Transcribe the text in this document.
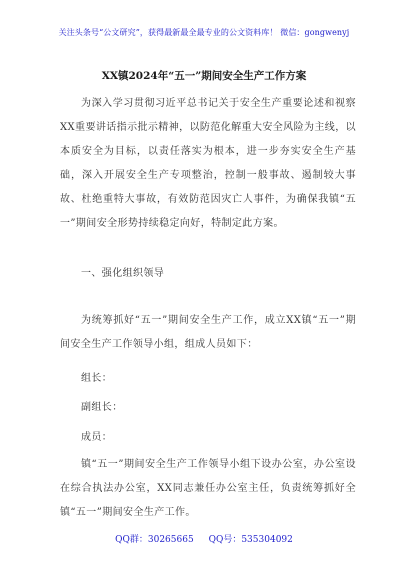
关注头条号“公文研究”，获得最新最全最专业的公文资料库！ 微信：gongwenyj
XX镇2024年“五一”期间安全生产工作方案
为深入学习贯彻习近平总书记关于安全生产重要论述和视察XX重要讲话指示批示精神，以防范化解重大安全风险为主线，以本质安全为目标，以责任落实为根本，进一步夯实安全生产基础，深入开展安全生产专项整治，控制一般事故、遏制较大事故、杜绝重特大事故，有效防范因灾亡人事件，为确保我镇“五一”期间安全形势持续稳定向好，特制定此方案。
一、强化组织领导
为统筹抓好“五一”期间安全生产工作，成立XX镇“五一”期间安全生产工作领导小组，组成人员如下：
组长：
副组长：
成员：
镇“五一”期间安全生产工作领导小组下设办公室，办公室设在综合执法办公室，XX同志兼任办公室主任，负责统筹抓好全镇“五一”期间安全生产工作。
QQ群：30265665 QQ号：535304092
